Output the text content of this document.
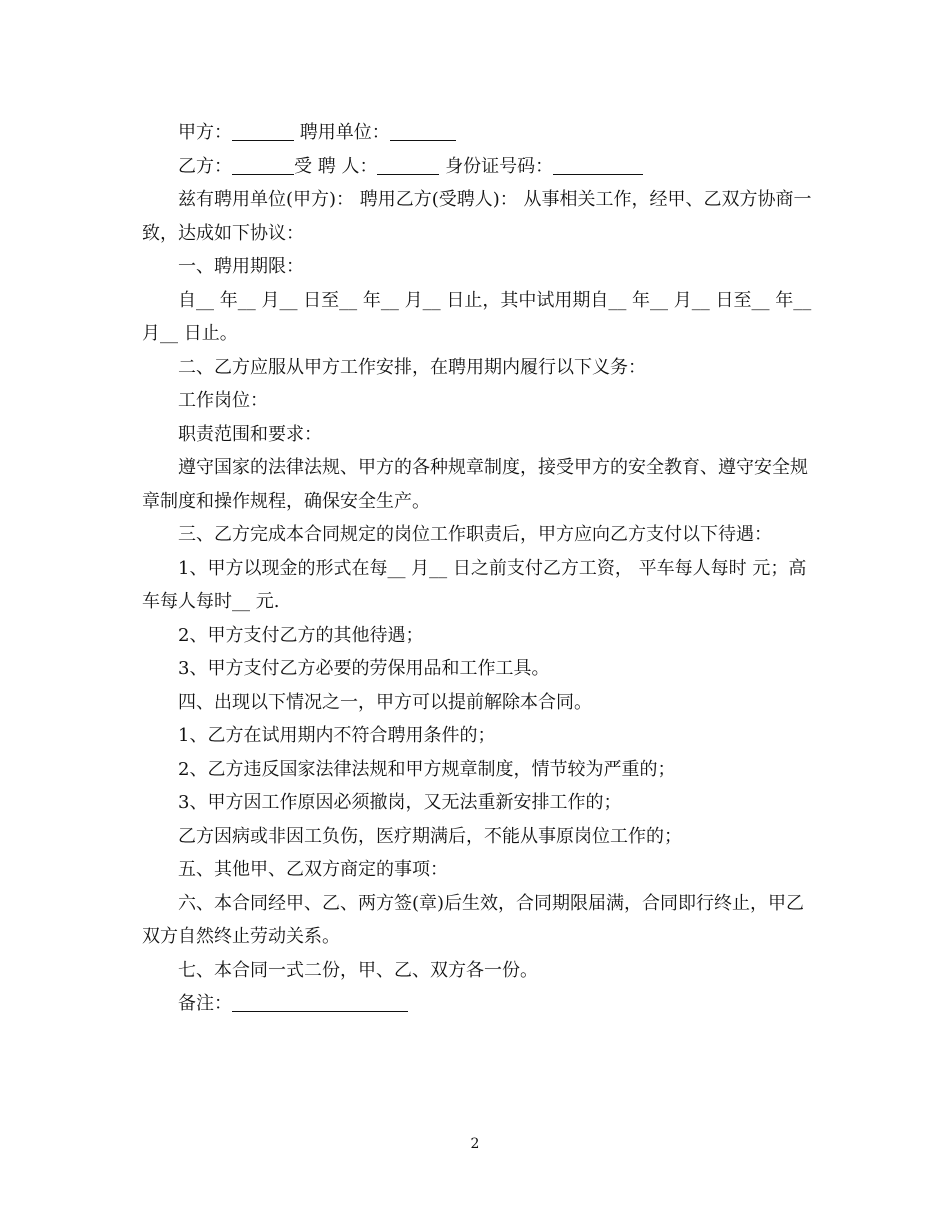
甲方：	聘用单位：

乙方：	受 聘 人：	身份证号码：

兹有聘用单位(甲方)： 聘用乙方(受聘人)： 从事相关工作，经甲、乙双方协商一致，达成如下协议：

一、聘用期限：

自__ 年__ 月__ 日至__ 年__ 月__ 日止，其中试用期自__ 年__ 月__ 日至__ 年__ 月__ 日止。

二、乙方应服从甲方工作安排，在聘用期内履行以下义务：

工作岗位：

职责范围和要求：

遵守国家的法律法规、甲方的各种规章制度，接受甲方的安全教育、遵守安全规章制度和操作规程，确保安全生产。

三、乙方完成本合同规定的岗位工作职责后，甲方应向乙方支付以下待遇：

1、甲方以现金的形式在每__ 月__ 日之前支付乙方工资， 平车每人每时 元；高车每人每时__ 元.

2、甲方支付乙方的其他待遇；

3、甲方支付乙方必要的劳保用品和工作工具。

四、出现以下情况之一，甲方可以提前解除本合同。

1、乙方在试用期内不符合聘用条件的；

2、乙方违反国家法律法规和甲方规章制度，情节较为严重的；

3、甲方因工作原因必须撤岗，又无法重新安排工作的；

乙方因病或非因工负伤，医疗期满后，不能从事原岗位工作的；

五、其他甲、乙双方商定的事项：

六、本合同经甲、乙、两方签(章)后生效，合同期限届满，合同即行终止，甲乙双方自然终止劳动关系。

七、本合同一式二份，甲、乙、双方各一份。

备注：

2
